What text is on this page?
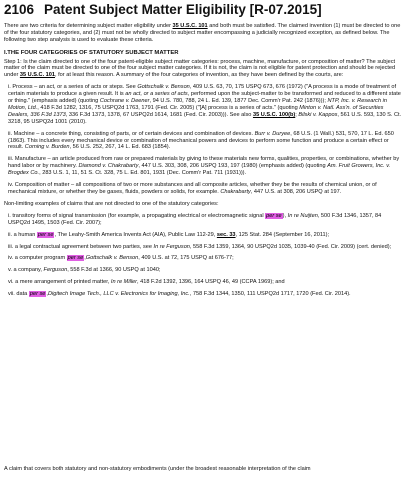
2106 Patent Subject Matter Eligibility [R-07.2015]

There are two criteria for determining subject matter eligibility under 35 U.S.C. 101 and both must be satisfied. The claimed invention (1) must be directed to one of the four statutory categories, and (2) must not be wholly directed to subject matter encompassing a judicially recognized exception, as defined below. The following two step analysis is used to evaluate these criteria.

I.THE FOUR CATEGORIES OF STATUTORY SUBJECT MATTER

Step 1: Is the claim directed to one of the four patent-eligible subject matter categories: process, machine, manufacture, or composition of matter? The subject matter of the claim must be directed to one of the four subject matter categories. If it is not, the claim is not eligible for patent protection and should be rejected under 35 U.S.C. 101, for at least this reason. A summary of the four categories of invention, as they have been defined by the courts, are:

i. Process – an act, or a series of acts or steps. See Gottschalk v. Benson, 409 U.S. 63, 70, 175 USPQ 673, 676 (1972) ("A process is a mode of treatment of certain materials to produce a given result. It is an act, or a series of acts, performed upon the subject-matter to be transformed and reduced to a different state or thing." (emphasis added) (quoting Cochrane v. Deener, 94 U.S. 780, 788, 24 L. Ed. 139, 1877 Dec. Comm'r Pat. 242 (1876))); NTP, Inc. v. Research in Motion, Ltd., 418 F.3d 1282, 1316, 75 USPQ2d 1763, 1791 (Fed. Cir. 2005) ("[A] process is a series of acts." (quoting Minton v. Natl. Ass'n. of Securities Dealers, 336 F.3d 1373, 336 F.3d 1373, 1378, 67 USPQ2d 1614, 1681 (Fed. Cir. 2003))). See also 35 U.S.C. 100(b); Bilski v. Kappos, 561 U.S. 593, 130 S. Ct. 3218, 95 USPQ2d 1001 (2010).

ii. Machine – a concrete thing, consisting of parts, or of certain devices and combination of devices. Burr v. Duryee, 68 U.S. (1 Wall.) 531, 570, 17 L. Ed. 650 (1863). This includes every mechanical device or combination of mechanical powers and devices to perform some function and produce a certain effect or result. Corning v. Burden, 56 U.S. 252, 267, 14 L. Ed. 683 (1854).

iii. Manufacture – an article produced from raw or prepared materials by giving to these materials new forms, qualities, properties, or combinations, whether by hand labor or by machinery. Diamond v. Chakrabarty, 447 U.S. 303, 308, 206 USPQ 193, 197 (1980) (emphasis added) (quoting Am. Fruit Growers, Inc. v. Brogdex Co., 283 U.S. 1, 11, 51 S. Ct. 328, 75 L. Ed. 801, 1931 (Dec. Comm'r Pat. 711 (1931))).

iv. Composition of matter – all compositions of two or more substances and all composite articles, whether they be the results of chemical union, or of mechanical mixture, or whether they be gases, fluids, powders or solids, for example. Chakrabarty, 447 U.S. at 308, 206 USPQ at 197.

Non-limiting examples of claims that are not directed to one of the statutory categories:

i. transitory forms of signal transmission (for example, a propagating electrical or electromagnetic signal per se), In re Nuijten, 500 F.3d 1346, 1357, 84 USPQ2d 1495, 1503 (Fed. Cir. 2007);

ii. a human per se, The Leahy-Smith America Invents Act (AIA), Public Law 112-29, sec. 33, 125 Stat. 284 (September 16, 2011);

iii. a legal contractual agreement between two parties, see In re Ferguson, 558 F.3d 1359, 1364, 90 USPQ2d 1035, 1039-40 (Fed. Cir. 2009) (cert. denied);

iv. a computer program per se,Gottschalk v. Benson, 409 U.S. at 72, 175 USPQ at 676-77;

v. a company, Ferguson, 558 F.3d at 1366, 90 USPQ at 1040;

vi. a mere arrangement of printed matter, In re Miller, 418 F.2d 1392, 1396, 164 USPQ 46, 49 (CCPA 1969); and

vii. data per se,Digitech Image Tech., LLC v. Electronics for Imaging, Inc., 758 F.3d 1344, 1350, 111 USPQ2d 1717, 1720 (Fed. Cir. 2014).

A claim that covers both statutory and non-statutory embodiments (under the broadest reasonable interpretation of the claim
